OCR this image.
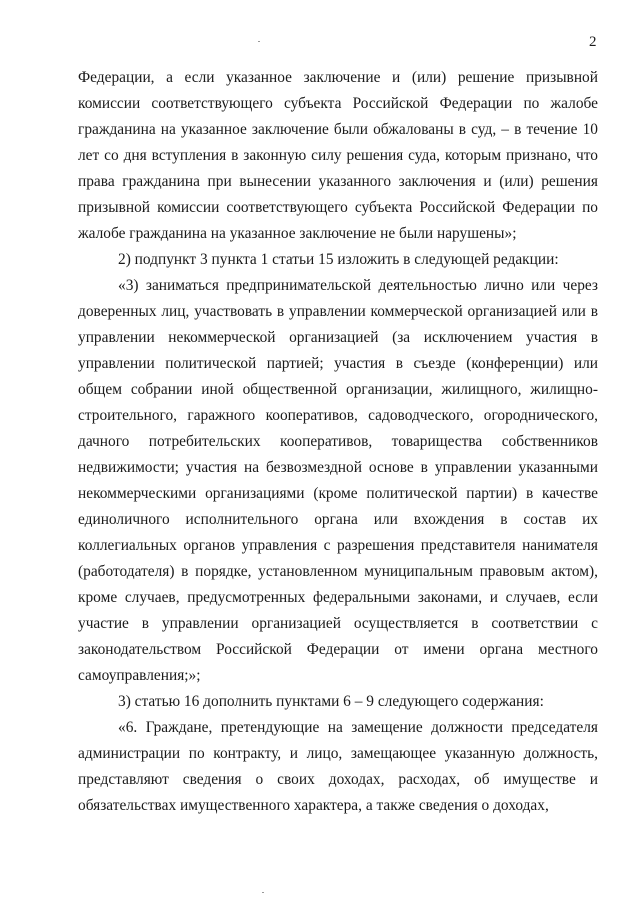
2

Федерации, а если указанное заключение и (или) решение призывной комиссии соответствующего субъекта Российской Федерации по жалобе гражданина на указанное заключение были обжалованы в суд, – в течение 10 лет со дня вступления в законную силу решения суда, которым признано, что права гражданина при вынесении указанного заключения и (или) решения призывной комиссии соответствующего субъекта Российской Федерации по жалобе гражданина на указанное заключение не были нарушены»;

2) подпункт 3 пункта 1 статьи 15 изложить в следующей редакции:

«3) заниматься предпринимательской деятельностью лично или через доверенных лиц, участвовать в управлении коммерческой организацией или в управлении некоммерческой организацией (за исключением участия в управлении политической партией; участия в съезде (конференции) или общем собрании иной общественной организации, жилищного, жилищно-строительного, гаражного кооперативов, садоводческого, огороднического, дачного потребительских кооперативов, товарищества собственников недвижимости; участия на безвозмездной основе в управлении указанными некоммерческими организациями (кроме политической партии) в качестве единоличного исполнительного органа или вхождения в состав их коллегиальных органов управления с разрешения представителя нанимателя (работодателя) в порядке, установленном муниципальным правовым актом), кроме случаев, предусмотренных федеральными законами, и случаев, если участие в управлении организацией осуществляется в соответствии с законодательством Российской Федерации от имени органа местного самоуправления;»;

3) статью 16 дополнить пунктами 6 – 9 следующего содержания:

«6. Граждане, претендующие на замещение должности председателя администрации по контракту, и лицо, замещающее указанную должность, представляют сведения о своих доходах, расходах, об имуществе и обязательствах имущественного характера, а также сведения о доходах,
